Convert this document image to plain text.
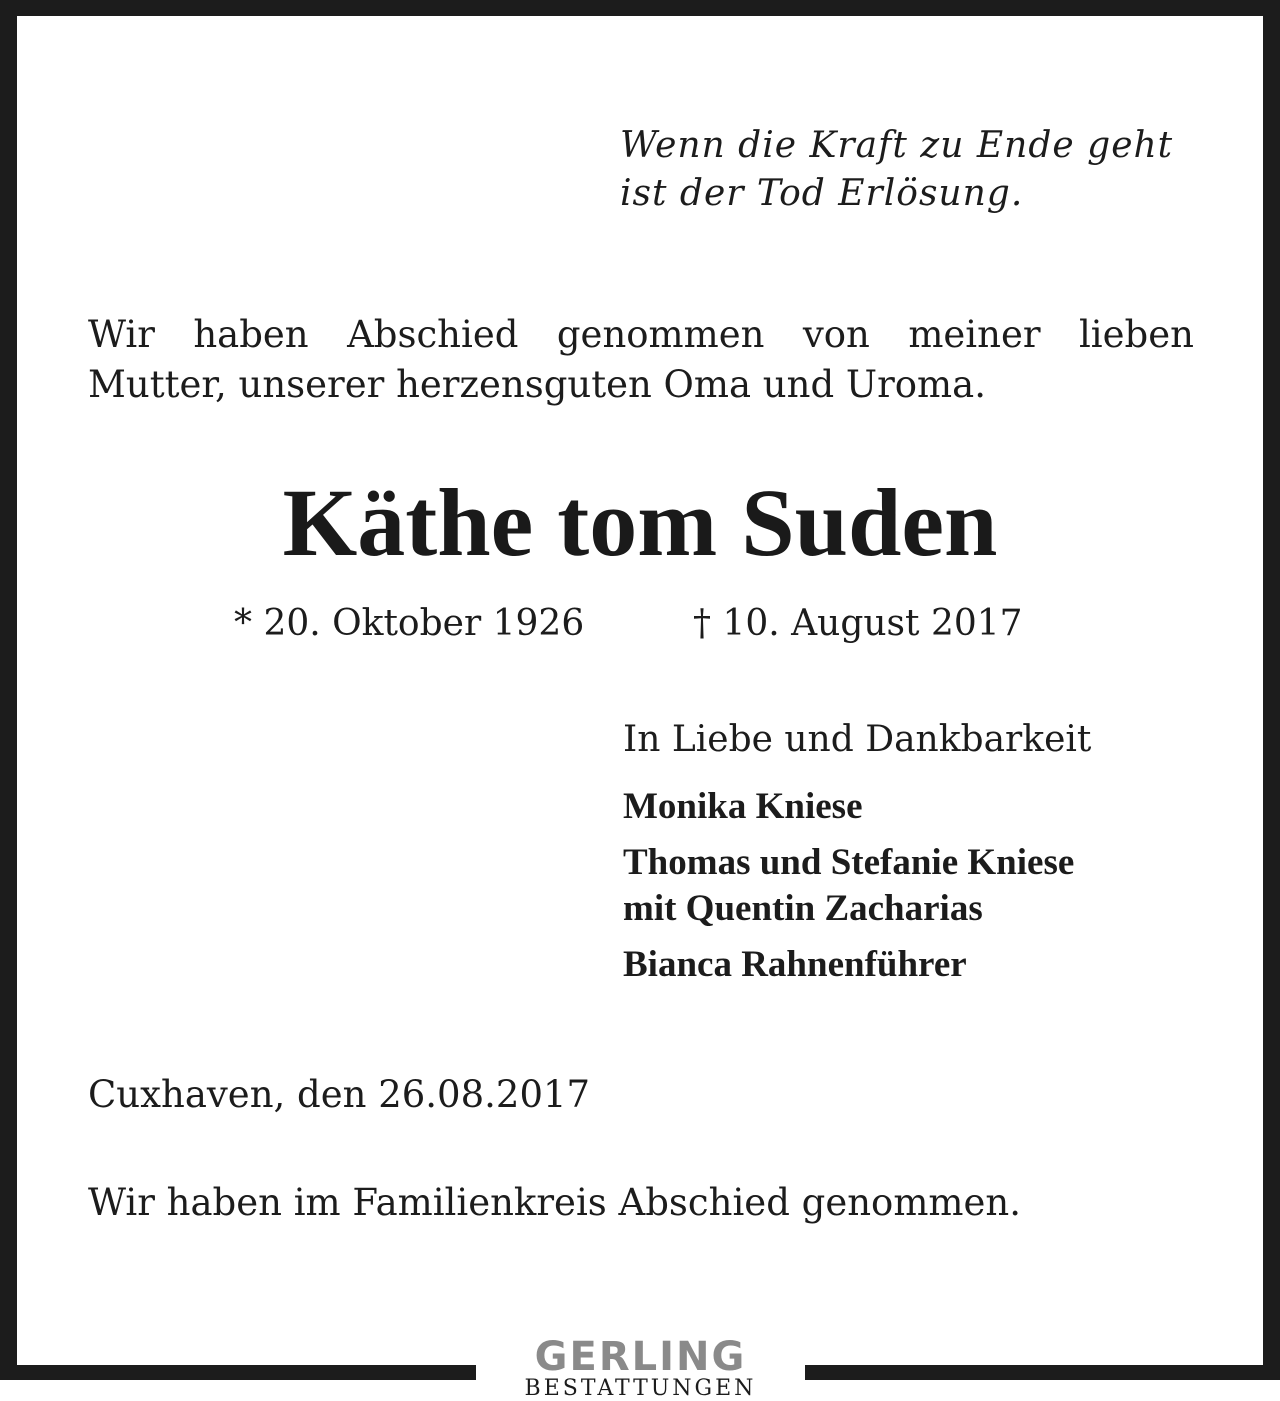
Wenn die Kraft zu Ende geht
ist der Tod Erlösung.
Wir haben Abschied genommen von meiner lieben
Mutter, unserer herzensguten Oma und Uroma.
Käthe tom Suden
* 20. Oktober 1926	† 10. August 2017
In Liebe und Dankbarkeit
Monika Kniese
Thomas und Stefanie Kniese
mit Quentin Zacharias
Bianca Rahnenführer
Cuxhaven, den 26.08.2017
Wir haben im Familienkreis Abschied genommen.
GERLING
BESTATTUNGEN
